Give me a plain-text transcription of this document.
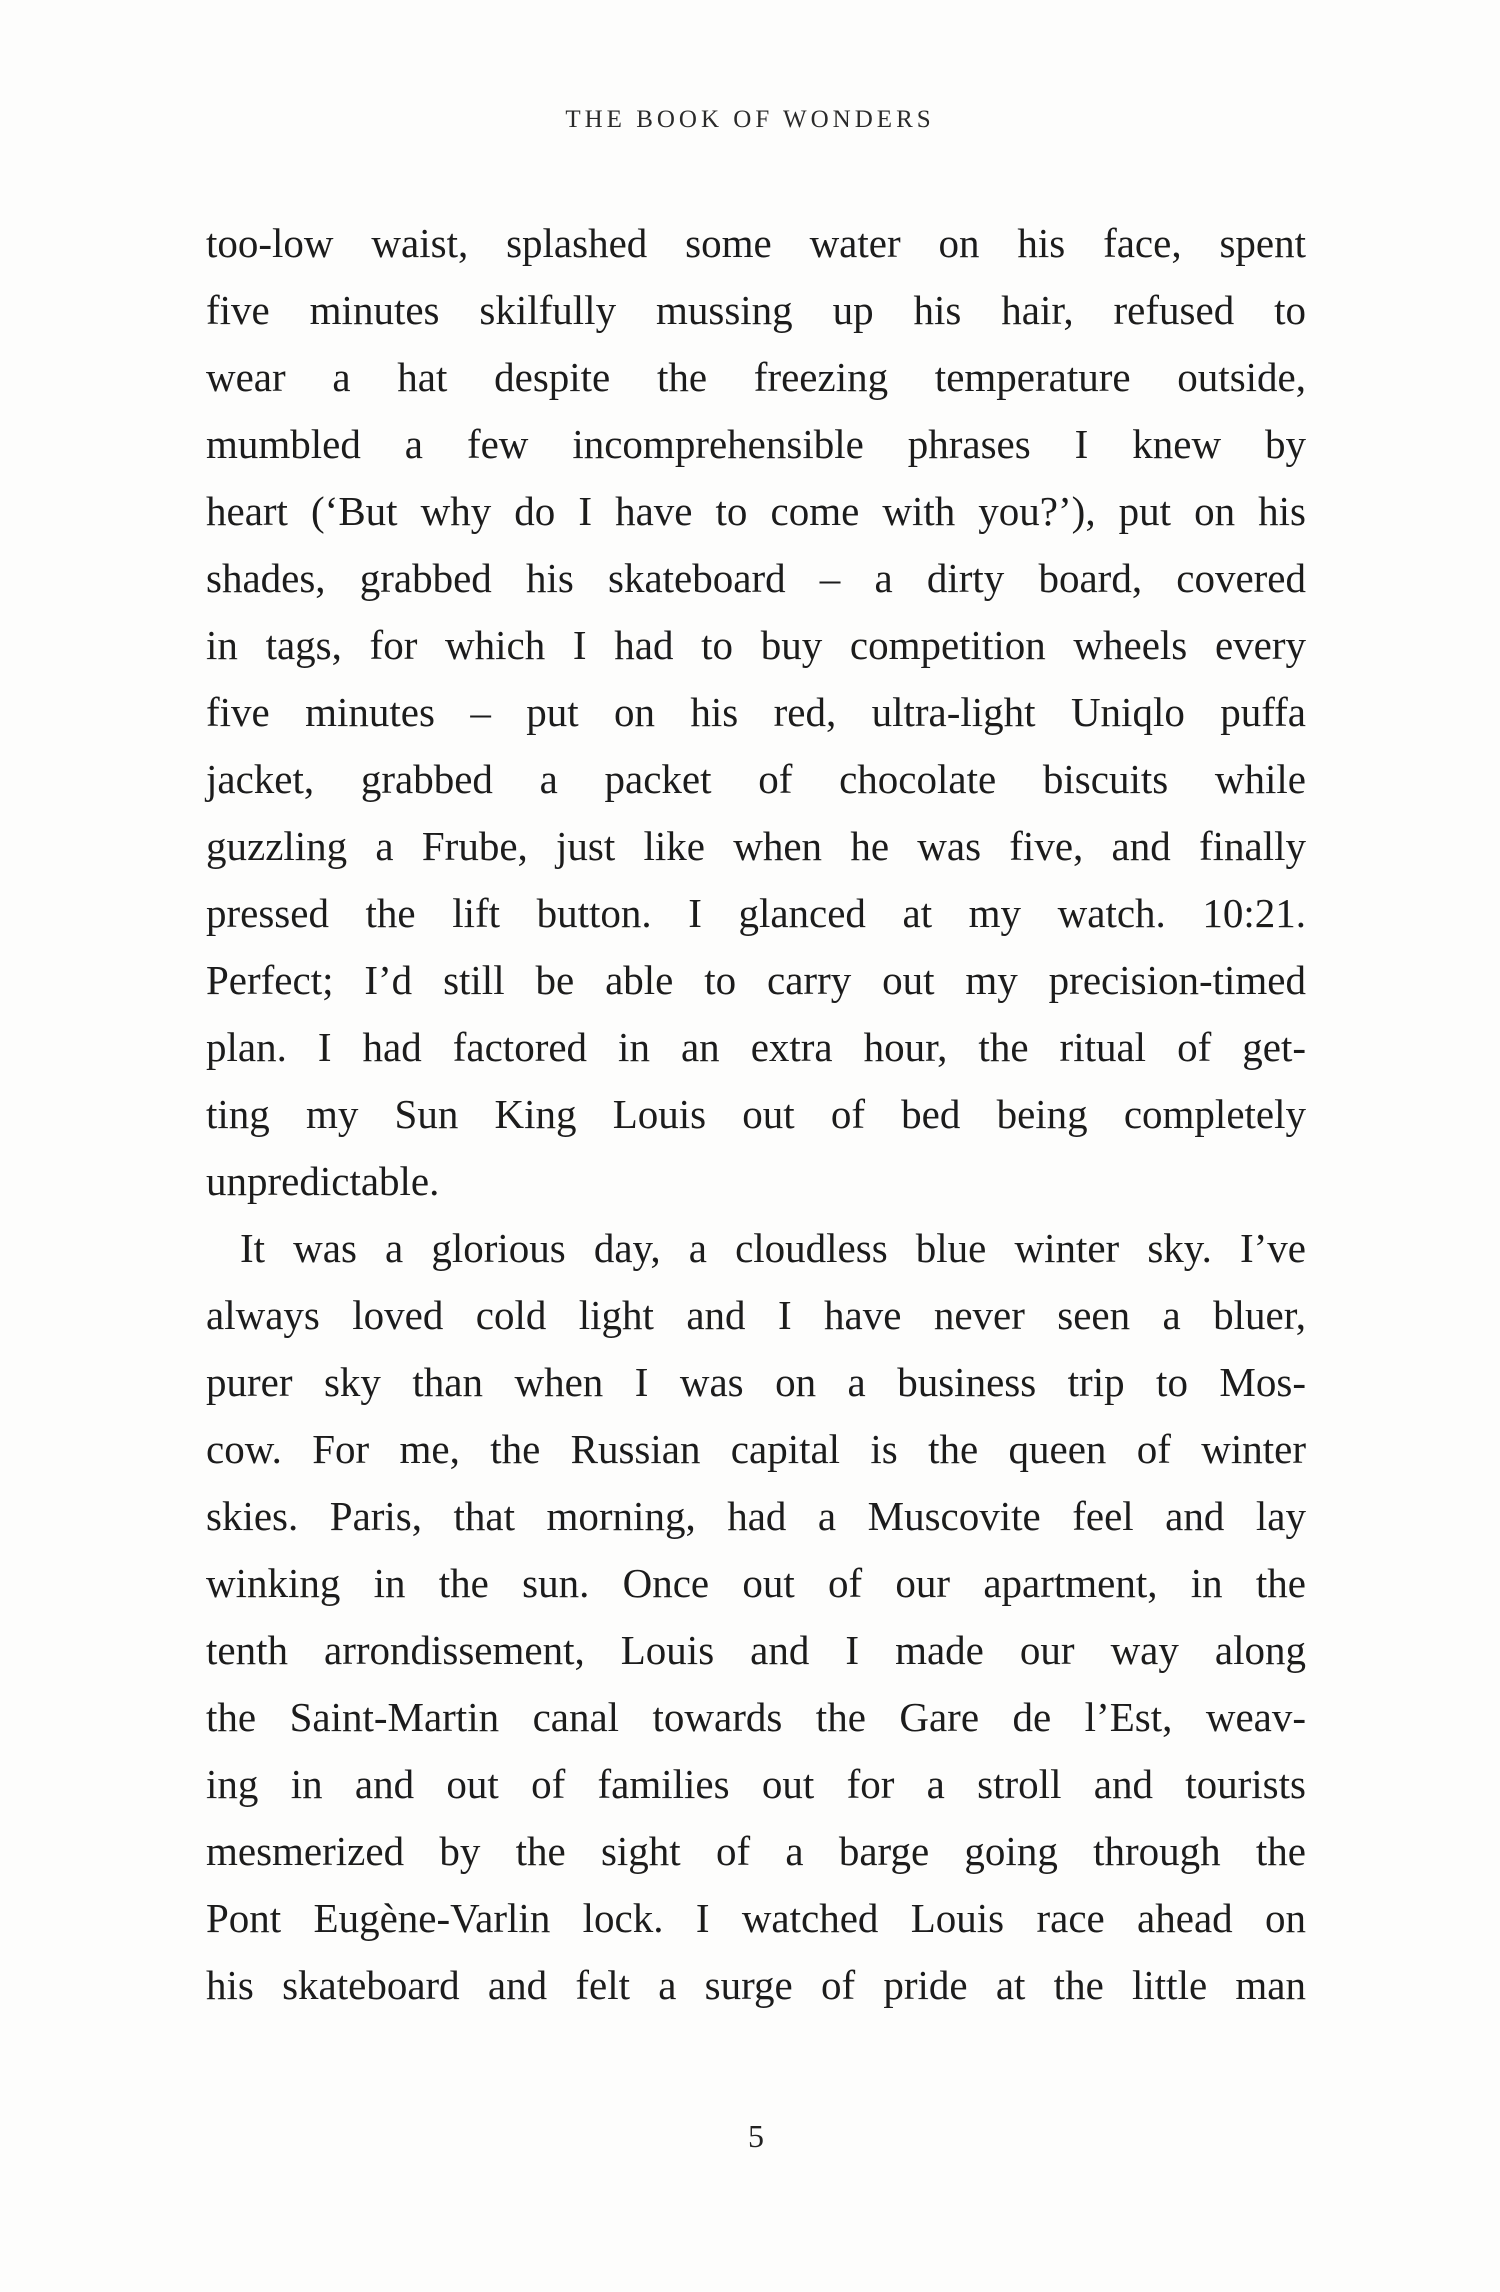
THE BOOK OF WONDERS
too-low waist, splashed some water on his face, spent
five minutes skilfully mussing up his hair, refused to
wear a hat despite the freezing temperature outside,
mumbled a few incomprehensible phrases I knew by
heart (‘But why do I have to come with you?’), put on his
shades, grabbed his skateboard – a dirty board, covered
in tags, for which I had to buy competition wheels every
five minutes – put on his red, ultra-light Uniqlo puffa
jacket, grabbed a packet of chocolate biscuits while
guzzling a Frube, just like when he was five, and finally
pressed the lift button. I glanced at my watch. 10:21.
Perfect; I’d still be able to carry out my precision-timed
plan. I had factored in an extra hour, the ritual of get-
ting my Sun King Louis out of bed being completely
unpredictable.
It was a glorious day, a cloudless blue winter sky. I’ve
always loved cold light and I have never seen a bluer,
purer sky than when I was on a business trip to Mos-
cow. For me, the Russian capital is the queen of winter
skies. Paris, that morning, had a Muscovite feel and lay
winking in the sun. Once out of our apartment, in the
tenth arrondissement, Louis and I made our way along
the Saint-Martin canal towards the Gare de l’Est, weav-
ing in and out of families out for a stroll and tourists
mesmerized by the sight of a barge going through the
Pont Eugène-Varlin lock. I watched Louis race ahead on
his skateboard and felt a surge of pride at the little man
5
